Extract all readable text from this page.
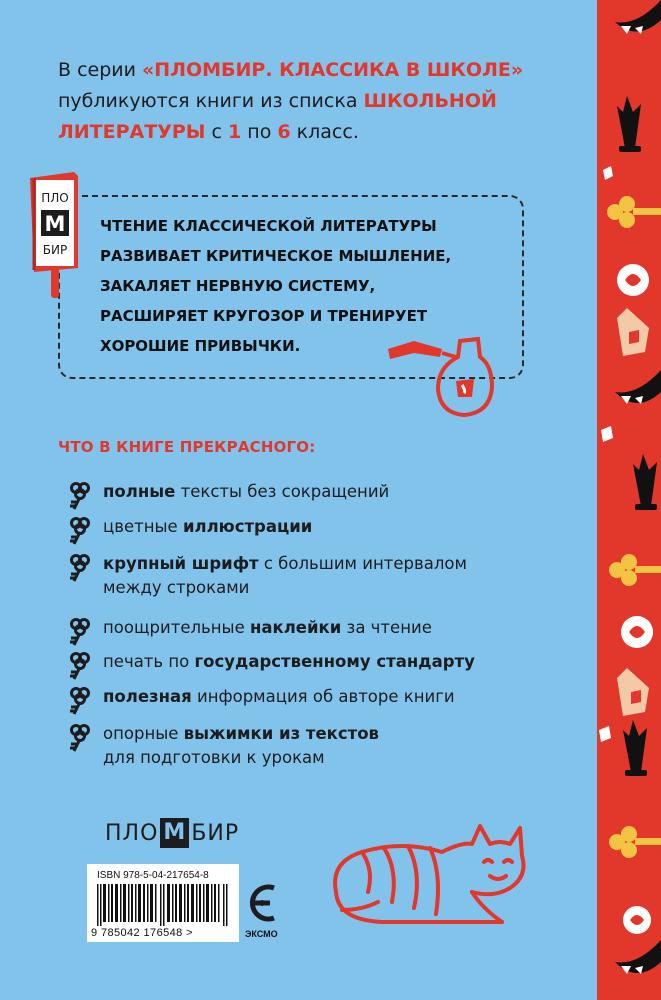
В серии «ПЛОМБИР. КЛАССИКА В ШКОЛЕ»
публикуются книги из списка ШКОЛЬНОЙ
ЛИТЕРАТУРЫ с 1 по 6 класс.
ЧТЕНИЕ КЛАССИЧЕСКОЙ ЛИТЕРАТУРЫ
РАЗВИВАЕТ КРИТИЧЕСКОЕ МЫШЛЕНИЕ,
ЗАКАЛЯЕТ НЕРВНУЮ СИСТЕМУ,
РАСШИРЯЕТ КРУГОЗОР И ТРЕНИРУЕТ
ХОРОШИЕ ПРИВЫЧКИ.
ПЛО
М
БИР
ЧТО В КНИГЕ ПРЕКРАСНОГО:
полные тексты без сокращений
цветные иллюстрации
крупный шрифт с большим интервалом
между строками
поощрительные наклейки за чтение
печать по государственному стандарту
полезная информация об авторе книги
опорные выжимки из текстов
для подготовки к урокам
ПЛО М БИР
ISBN 978-5-04-217654-8
9 785042 176548 >	ЭКСМО
